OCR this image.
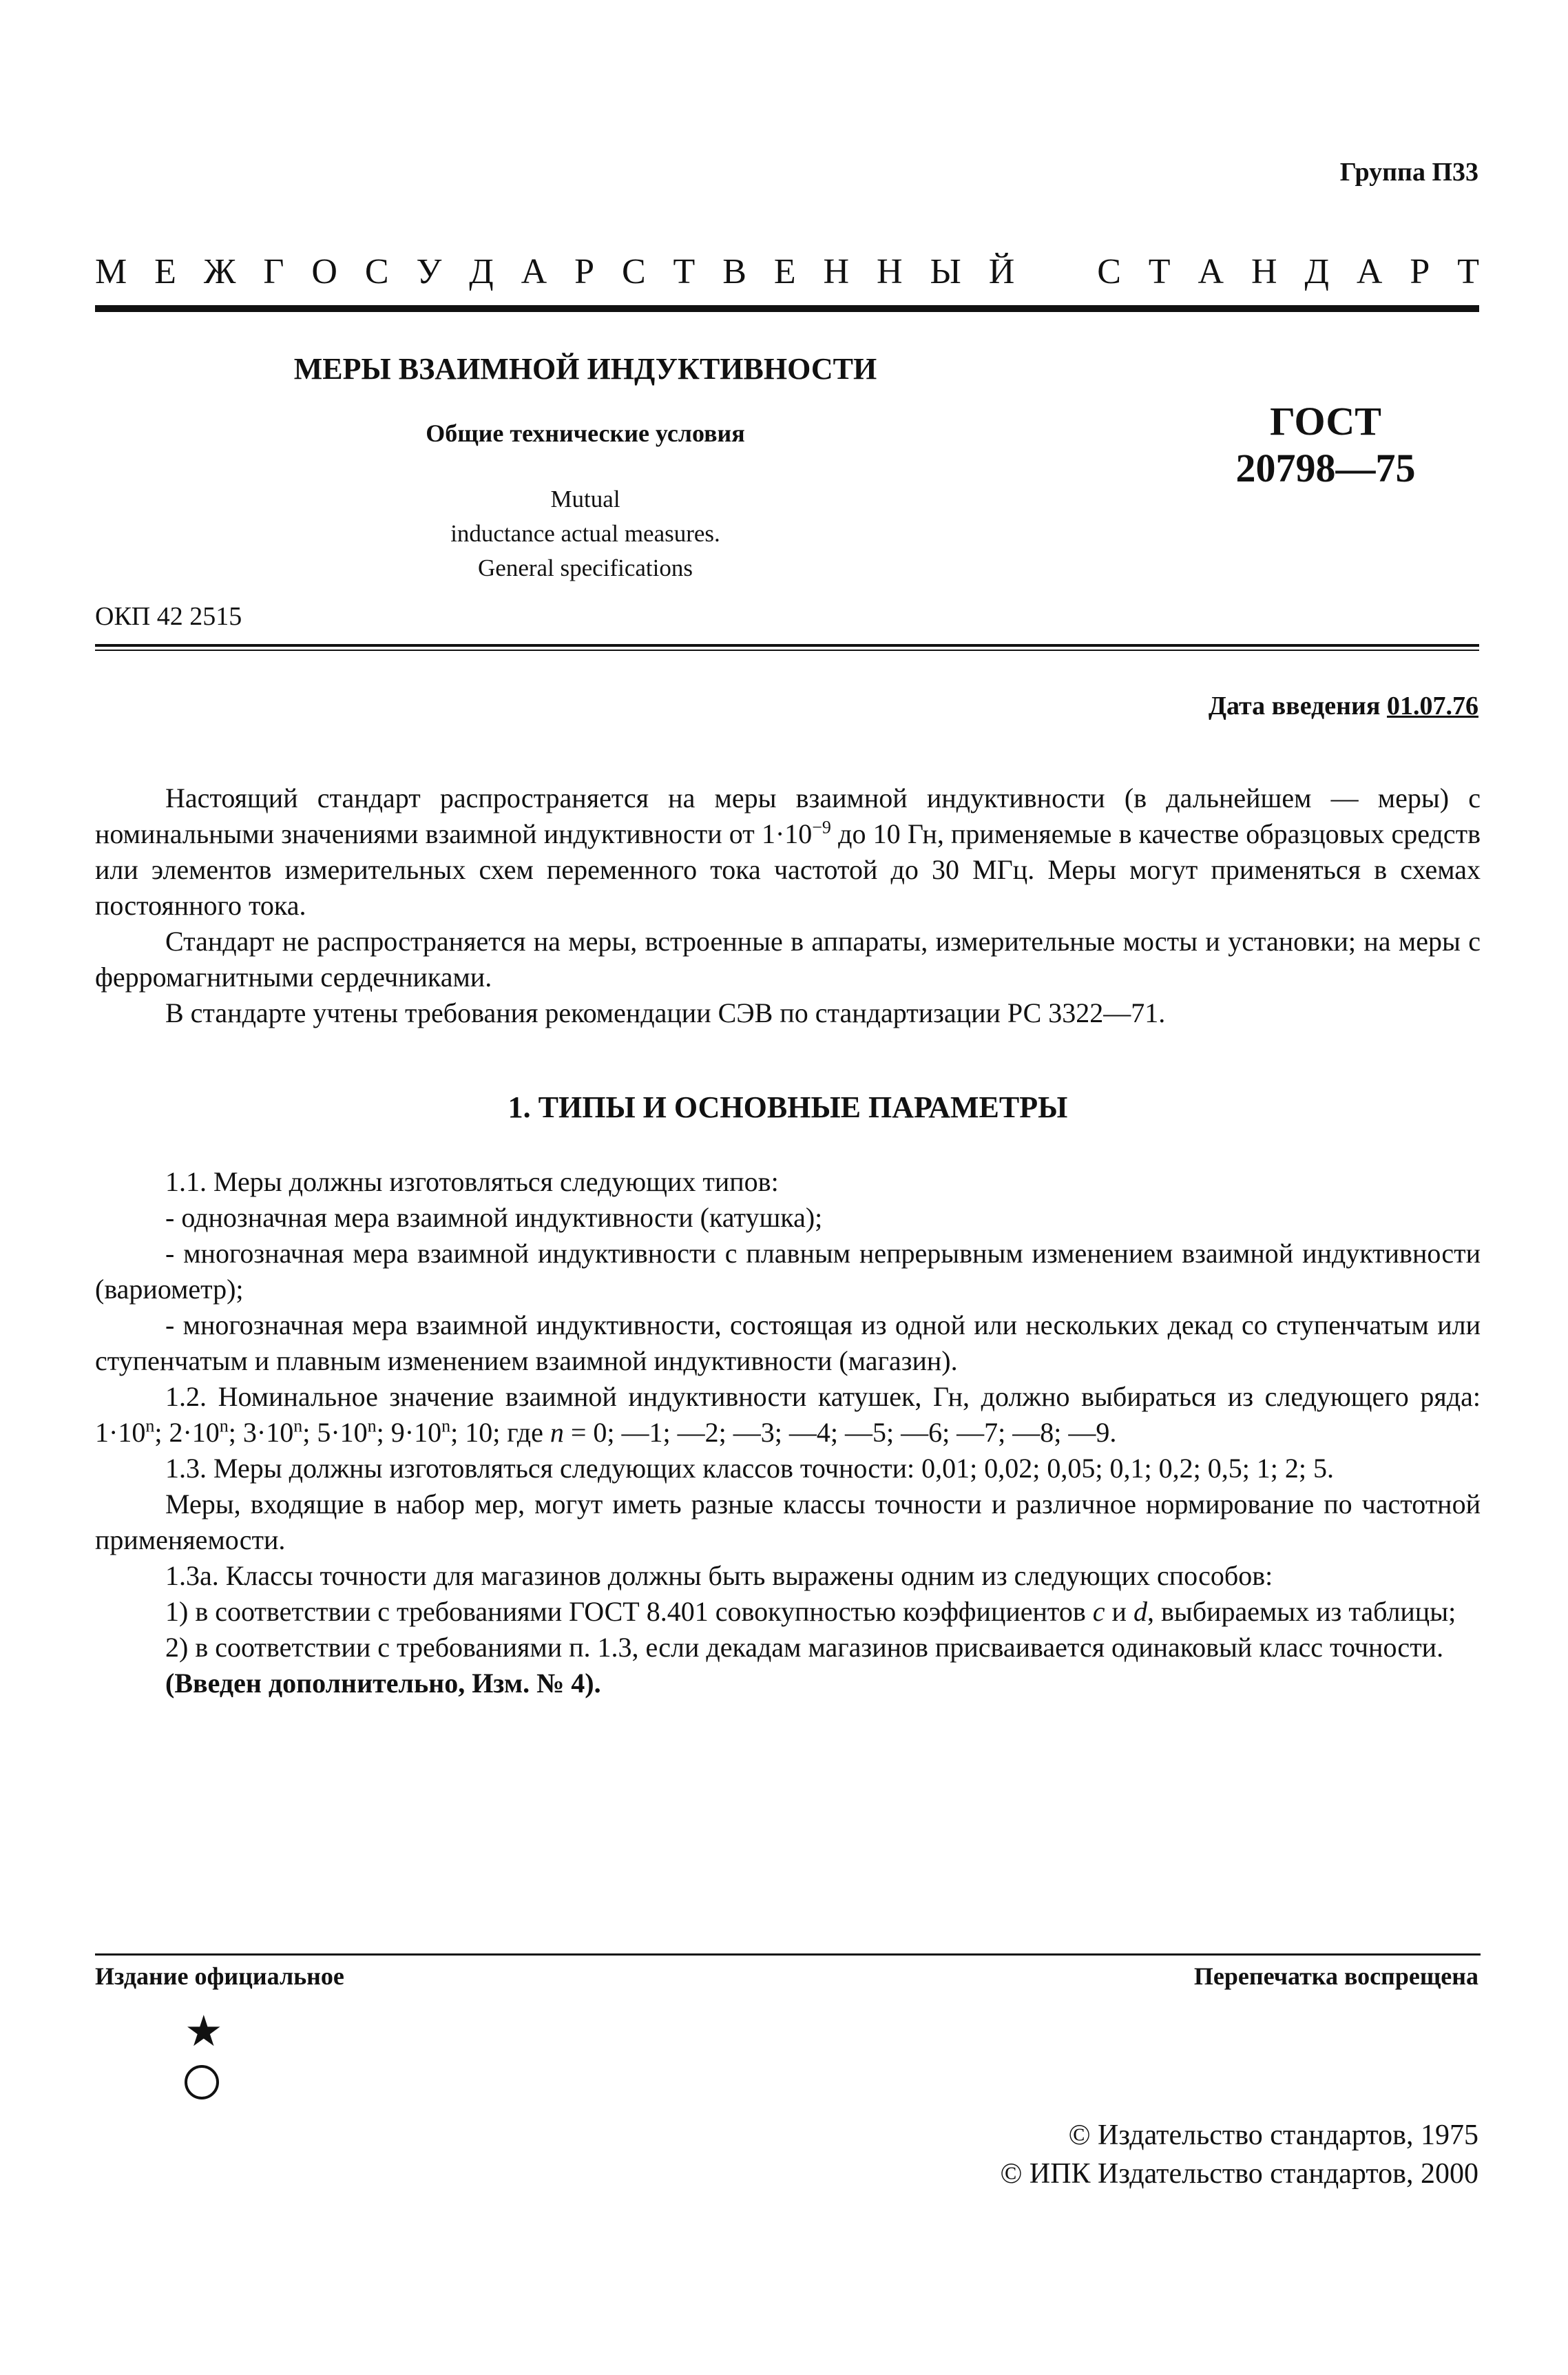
Группа П33
М Е Ж Г О С У Д А Р С Т В Е Н Н Ы Й С Т А Н Д А Р Т
МЕРЫ ВЗАИМНОЙ ИНДУКТИВНОСТИ
Общие технические условия
Mutual
inductance actual measures.
General specifications
ГОСТ
20798—75
ОКП 42 2515
Дата введения 01.07.76

Настоящий стандарт распространяется на меры взаимной индуктивности (в дальнейшем — меры) с номинальными значениями взаимной индуктивности от $1\cdot 10^{-9}$ до 10 Гн, применяемые в качестве образцовых средств или элементов измерительных схем переменного тока частотой до 30 МГц. Меры могут применяться в схемах постоянного тока.

Стандарт не распространяется на меры, встроенные в аппараты, измерительные мосты и установки; на меры с ферромагнитными сердечниками.

В стандарте учтены требования рекомендации СЭВ по стандартизации РС 3322—71.

1. ТИПЫ И ОСНОВНЫЕ ПАРАМЕТРЫ

1.1. Меры должны изготовляться следующих типов:

- однозначная мера взаимной индуктивности (катушка);

- многозначная мера взаимной индуктивности с плавным непрерывным изменением взаимной индуктивности (вариометр);

- многозначная мера взаимной индуктивности, состоящая из одной или нескольких декад со ступенчатым или ступенчатым и плавным изменением взаимной индуктивности (магазин).

1.2. Номинальное значение взаимной индуктивности катушек, Гн, должно выбираться из следующего ряда: $1\cdot 10^n$; $2\cdot 10^n$; $3\cdot 10^n$; $5\cdot 10^n$; $9\cdot 10^n$; 10; где n = 0; —1; —2; —3; —4; —5; —6; —7; —8; —9.

1.3. Меры должны изготовляться следующих классов точности: 0,01; 0,02; 0,05; 0,1; 0,2; 0,5; 1; 2; 5.

Меры, входящие в набор мер, могут иметь разные классы точности и различное нормирование по частотной применяемости.

1.3а. Классы точности для магазинов должны быть выражены одним из следующих способов:

1) в соответствии с требованиями ГОСТ 8.401 совокупностью коэффициентов c и d, выбираемых из таблицы;

2) в соответствии с требованиями п. 1.3, если декадам магазинов присваивается одинаковый класс точности.

(Введен дополнительно, Изм. № 4).

Издание официальное	Перепечатка воспрещена
★
© Издательство стандартов, 1975
© ИПК Издательство стандартов, 2000
